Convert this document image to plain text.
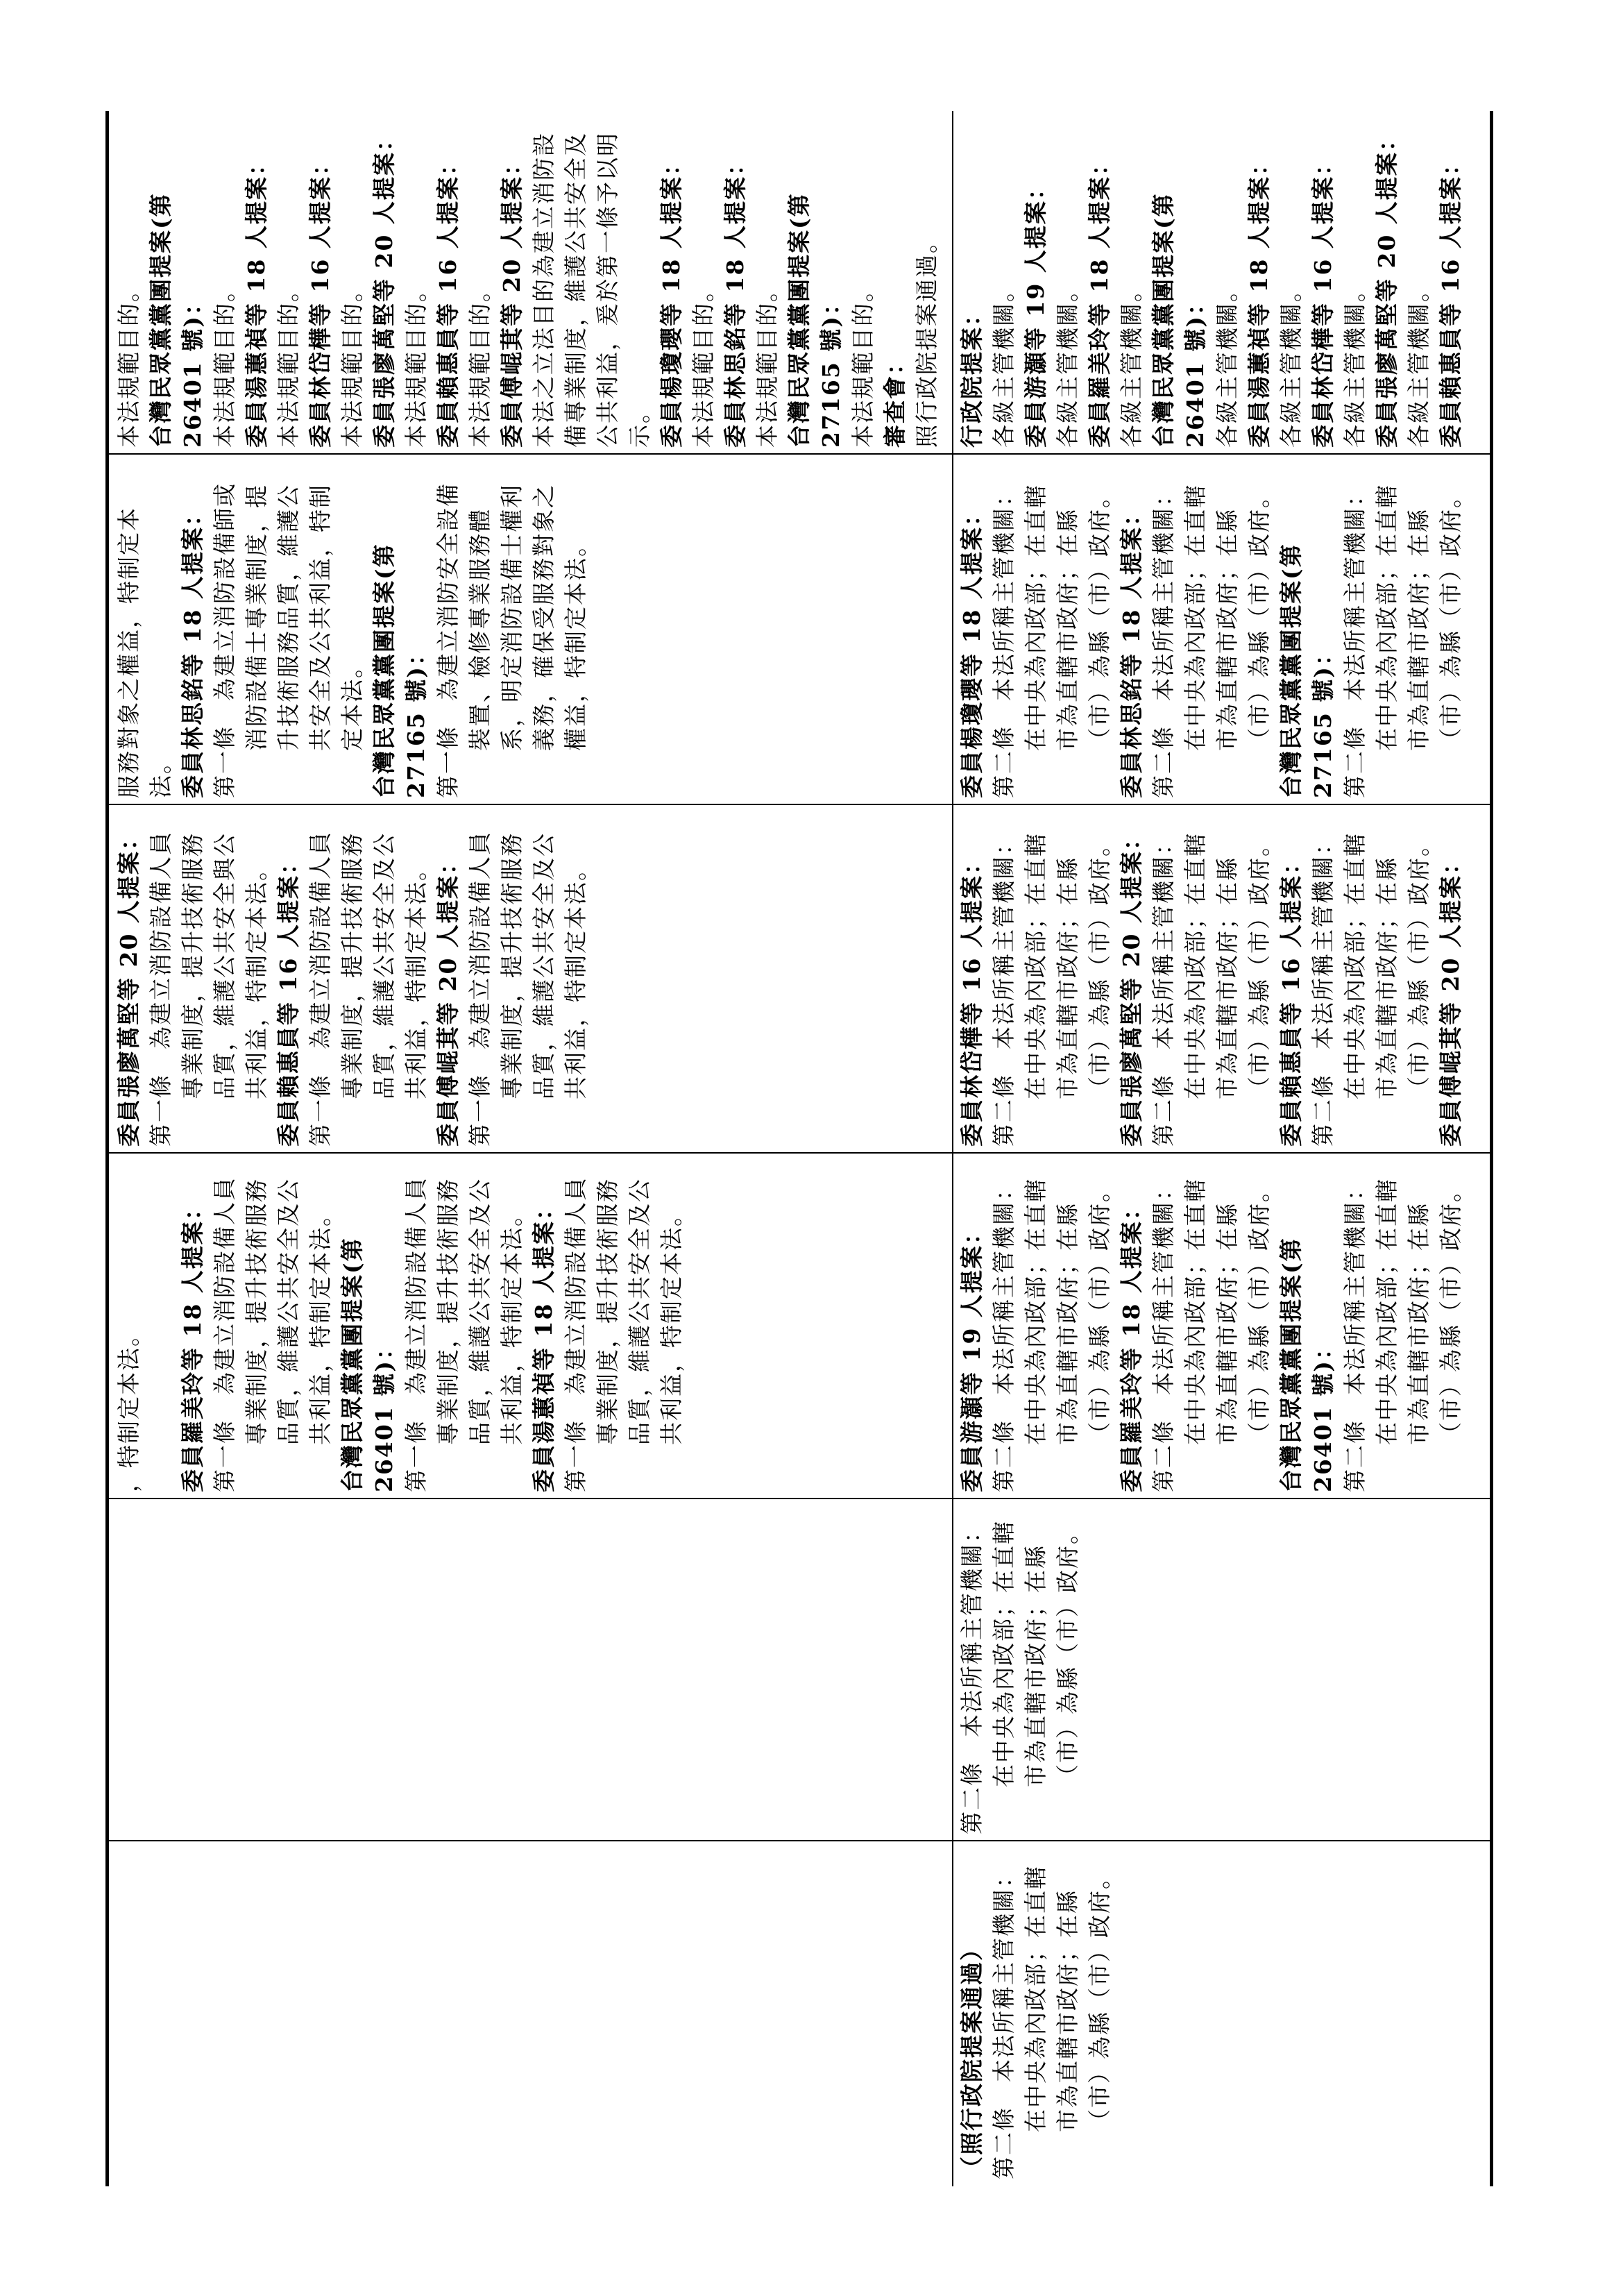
，特制定本法。

委員羅美玲等 18 人提案： 第一條　為建立消防設備人員專業制度，提升技術服務品質，維護公共安全及公共利益，特制定本法。 台灣民眾黨黨團提案(第 26401 號)： 第一條　為建立消防設備人員專業制度，提升技術服務品質，維護公共安全及公共利益，特制定本法。 委員湯蕙禎等 18 人提案： 第一條　為建立消防設備人員專業制度，提升技術服務品質，維護公共安全及公共利益，特制定本法。

委員張廖萬堅等 20 人提案： 第一條　為建立消防設備人員專業制度，提升技術服務品質，維護公共安全與公共利益，特制定本法。 委員賴惠員等 16 人提案： 第一條　為建立消防設備人員專業制度，提升技術服務品質，維護公共安全及公共利益，特制定本法。 委員傅崐萁等 20 人提案： 第一條　為建立消防設備人員專業制度，提升技術服務品質，維護公共安全及公共利益，特制定本法。

服務對象之權益，特制定本法。 委員林思銘等 18 人提案： 第一條　為建立消防設備師或消防設備士專業制度，提升技術服務品質，維護公共安全及公共利益，特制定本法。 台灣民眾黨黨團提案(第 27165 號)： 第一條　為建立消防安全設備裝置、檢修專業服務體系，明定消防設備士權利義務，確保受服務對象之權益，特制定本法。

本法規範目的。 台灣民眾黨黨團提案(第 26401 號)： 本法規範目的。 委員湯蕙禎等 18 人提案： 本法規範目的。 委員林岱樺等 16 人提案： 本法規範目的。 委員張廖萬堅等 20 人提案： 本法規範目的。 委員賴惠員等 16 人提案： 本法規範目的。 委員傅崐萁等 20 人提案： 本法之立法目的為建立消防設備專業制度，維護公共安全及公共利益，爰於第一條予以明示。 委員楊瓊瓔等 18 人提案： 本法規範目的。 委員林思銘等 18 人提案： 本法規範目的。 台灣民眾黨黨團提案(第 27165 號)： 本法規範目的。 審查會： 照行政院提案通過。

（照行政院提案通過） 第二條　本法所稱主管機關：在中央為內政部；在直轄市為直轄市政府；在縣（市）為縣（市）政府。

第二條　本法所稱主管機關：在中央為內政部；在直轄市為直轄市政府；在縣（市）為縣（市）政府。

委員游灝等 19 人提案： 第二條　本法所稱主管機關：在中央為內政部；在直轄市為直轄市政府；在縣（市）為縣（市）政府。 委員羅美玲等 18 人提案： 第二條　本法所稱主管機關：在中央為內政部；在直轄市為直轄市政府；在縣（市）為縣（市）政府。 台灣民眾黨黨團提案(第 26401 號)： 第二條　本法所稱主管機關：在中央為內政部；在直轄市為直轄市政府；在縣（市）為縣（市）政府。

委員林岱樺等 16 人提案： 第二條　本法所稱主管機關：在中央為內政部；在直轄市為直轄市政府；在縣（市）為縣（市）政府。 委員張廖萬堅等 20 人提案： 第二條　本法所稱主管機關：在中央為內政部；在直轄市為直轄市政府；在縣（市）為縣（市）政府。 委員賴惠員等 16 人提案： 第二條　本法所稱主管機關：在中央為內政部；在直轄市為直轄市政府；在縣（市）為縣（市）政府。 委員傅崐萁等 20 人提案：

委員楊瓊瓔等 18 人提案： 第二條　本法所稱主管機關：在中央為內政部；在直轄市為直轄市政府；在縣（市）為縣（市）政府。 委員林思銘等 18 人提案： 第二條　本法所稱主管機關：在中央為內政部；在直轄市為直轄市政府；在縣（市）為縣（市）政府。 台灣民眾黨黨團提案(第 27165 號)： 第二條　本法所稱主管機關：在中央為內政部；在直轄市為直轄市政府；在縣（市）為縣（市）政府。

行政院提案： 各級主管機關。 委員游灝等 19 人提案： 各級主管機關。 委員羅美玲等 18 人提案： 各級主管機關。 台灣民眾黨黨團提案(第 26401 號)： 各級主管機關。 委員湯蕙禎等 18 人提案： 各級主管機關。 委員林岱樺等 16 人提案： 各級主管機關。 委員張廖萬堅等 20 人提案： 各級主管機關。 委員賴惠員等 16 人提案：
